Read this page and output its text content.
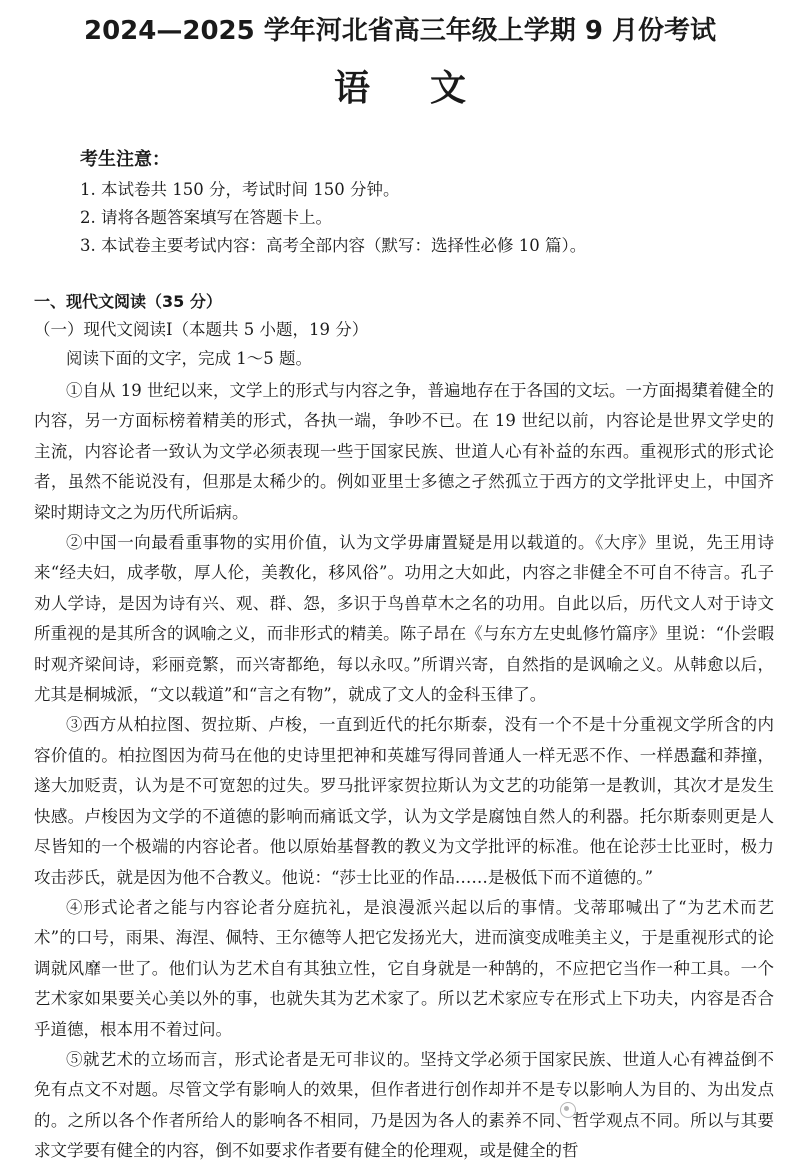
2024—2025 学年河北省高三年级上学期 9 月份考试
语文
考生注意：
1. 本试卷共 150 分，考试时间 150 分钟。
2. 请将各题答案填写在答题卡上。
3. 本试卷主要考试内容：高考全部内容（默写：选择性必修 10 篇）。
一、现代文阅读（35 分）
（一）现代文阅读Ⅰ（本题共 5 小题，19 分）
阅读下面的文字，完成 1～5 题。

①自从 19 世纪以来，文学上的形式与内容之争，普遍地存在于各国的文坛。一方面揭橥着健全的内容，另一方面标榜着精美的形式，各执一端，争吵不已。在 19 世纪以前，内容论是世界文学史的主流，内容论者一致认为文学必须表现一些于国家民族、世道人心有补益的东西。重视形式的形式论者，虽然不能说没有，但那是太稀少的。例如亚里士多德之孑然孤立于西方的文学批评史上，中国齐梁时期诗文之为历代所诟病。

②中国一向最看重事物的实用价值，认为文学毋庸置疑是用以载道的。《大序》里说，先王用诗来“经夫妇，成孝敬，厚人伦，美教化，移风俗”。功用之大如此，内容之非健全不可自不待言。孔子劝人学诗，是因为诗有兴、观、群、怨，多识于鸟兽草木之名的功用。自此以后，历代文人对于诗文所重视的是其所含的讽喻之义，而非形式的精美。陈子昂在《与东方左史虬修竹篇序》里说：“仆尝暇时观齐梁间诗，彩丽竞繁，而兴寄都绝，每以永叹。”所谓兴寄，自然指的是讽喻之义。从韩愈以后，尤其是桐城派，“文以载道”和“言之有物”，就成了文人的金科玉律了。

③西方从柏拉图、贺拉斯、卢梭，一直到近代的托尔斯泰，没有一个不是十分重视文学所含的内容价值的。柏拉图因为荷马在他的史诗里把神和英雄写得同普通人一样无恶不作、一样愚蠢和莽撞，遂大加贬责，认为是不可宽恕的过失。罗马批评家贺拉斯认为文艺的功能第一是教训，其次才是发生快感。卢梭因为文学的不道德的影响而痛诋文学，认为文学是腐蚀自然人的利器。托尔斯泰则更是人尽皆知的一个极端的内容论者。他以原始基督教的教义为文学批评的标准。他在论莎士比亚时，极力攻击莎氏，就是因为他不合教义。他说：“莎士比亚的作品……是极低下而不道德的。”

④形式论者之能与内容论者分庭抗礼，是浪漫派兴起以后的事情。戈蒂耶喊出了“为艺术而艺术”的口号，雨果、海涅、佩特、王尔德等人把它发扬光大，进而演变成唯美主义，于是重视形式的论调就风靡一世了。他们认为艺术自有其独立性，它自身就是一种鹄的，不应把它当作一种工具。一个艺术家如果要关心美以外的事，也就失其为艺术家了。所以艺术家应专在形式上下功夫，内容是否合乎道德，根本用不着过问。

⑤就艺术的立场而言，形式论者是无可非议的。坚持文学必须于国家民族、世道人心有裨益倒不免有点文不对题。尽管文学有影响人的效果，但作者进行创作却并不是专以影响人为目的、为出发点的。之所以各个作者所给人的影响各不相同，乃是因为各人的素养不同、哲学观点不同。所以与其要求文学要有健全的内容，倒不如要求作者要有健全的伦理观，或是健全的哲
